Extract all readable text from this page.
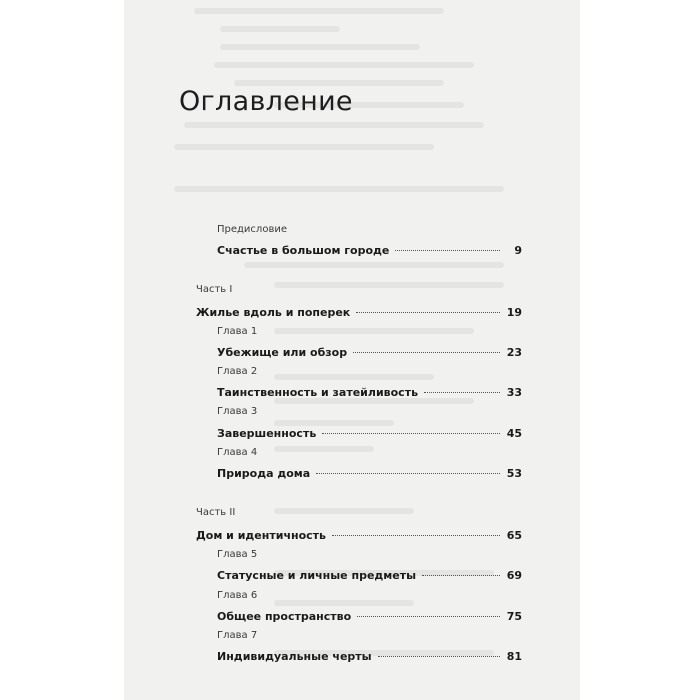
Оглавление
Предисловие
Счастье в большом городе	9
Часть I
Жилье вдоль и поперек	19
Глава 1
Убежище или обзор	23
Глава 2
Таинственность и затейливость	33
Глава 3
Завершенность	45
Глава 4
Природа дома	53
Часть II
Дом и идентичность	65
Глава 5
Статусные и личные предметы	69
Глава 6
Общее пространство	75
Глава 7
Индивидуальные черты	81
